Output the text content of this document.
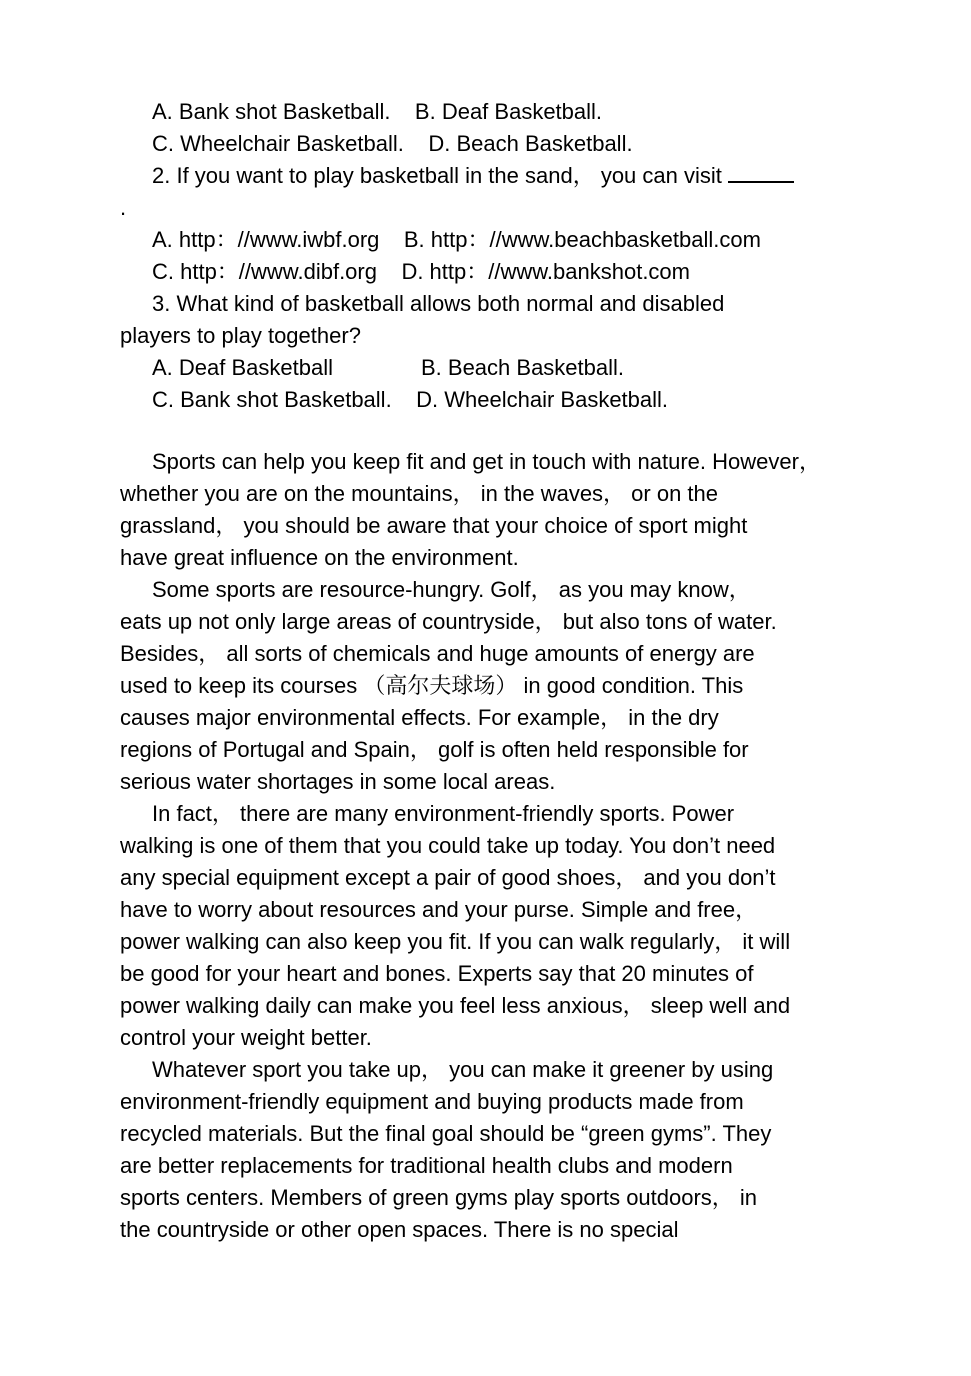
A. Bank shot Basketball. B. Deaf Basketball.
C. Wheelchair Basketball. D. Beach Basketball.
2. If you want to play basketball in the sand， you can visit
.
A. http：//www.iwbf.org B. http：//www.beachbasketball.com
C. http：//www.dibf.org D. http：//www.bankshot.com
3. What kind of basketball allows both normal and disabled
players to play together?
A. Deaf Basketball	B. Beach Basketball.
C. Bank shot Basketball. D. Wheelchair Basketball.
Sports can help you keep fit and get in touch with nature. However，
whether you are on the mountains， in the waves， or on the
grassland， you should be aware that your choice of sport might
have great influence on the environment.
Some sports are resource-hungry. Golf， as you may know，
eats up not only large areas of countryside， but also tons of water.
Besides， all sorts of chemicals and huge amounts of energy are
used to keep its courses （高尔夫球场） in good condition. This
causes major environmental effects. For example， in the dry
regions of Portugal and Spain， golf is often held responsible for
serious water shortages in some local areas.
In fact， there are many environment-friendly sports. Power
walking is one of them that you could take up today. You don’t need
any special equipment except a pair of good shoes， and you don’t
have to worry about resources and your purse. Simple and free，
power walking can also keep you fit. If you can walk regularly， it will
be good for your heart and bones. Experts say that 20 minutes of
power walking daily can make you feel less anxious， sleep well and
control your weight better.
Whatever sport you take up， you can make it greener by using
environment-friendly equipment and buying products made from
recycled materials. But the final goal should be “green gyms”. They
are better replacements for traditional health clubs and modern
sports centers. Members of green gyms play sports outdoors， in
the countryside or other open spaces. There is no special
